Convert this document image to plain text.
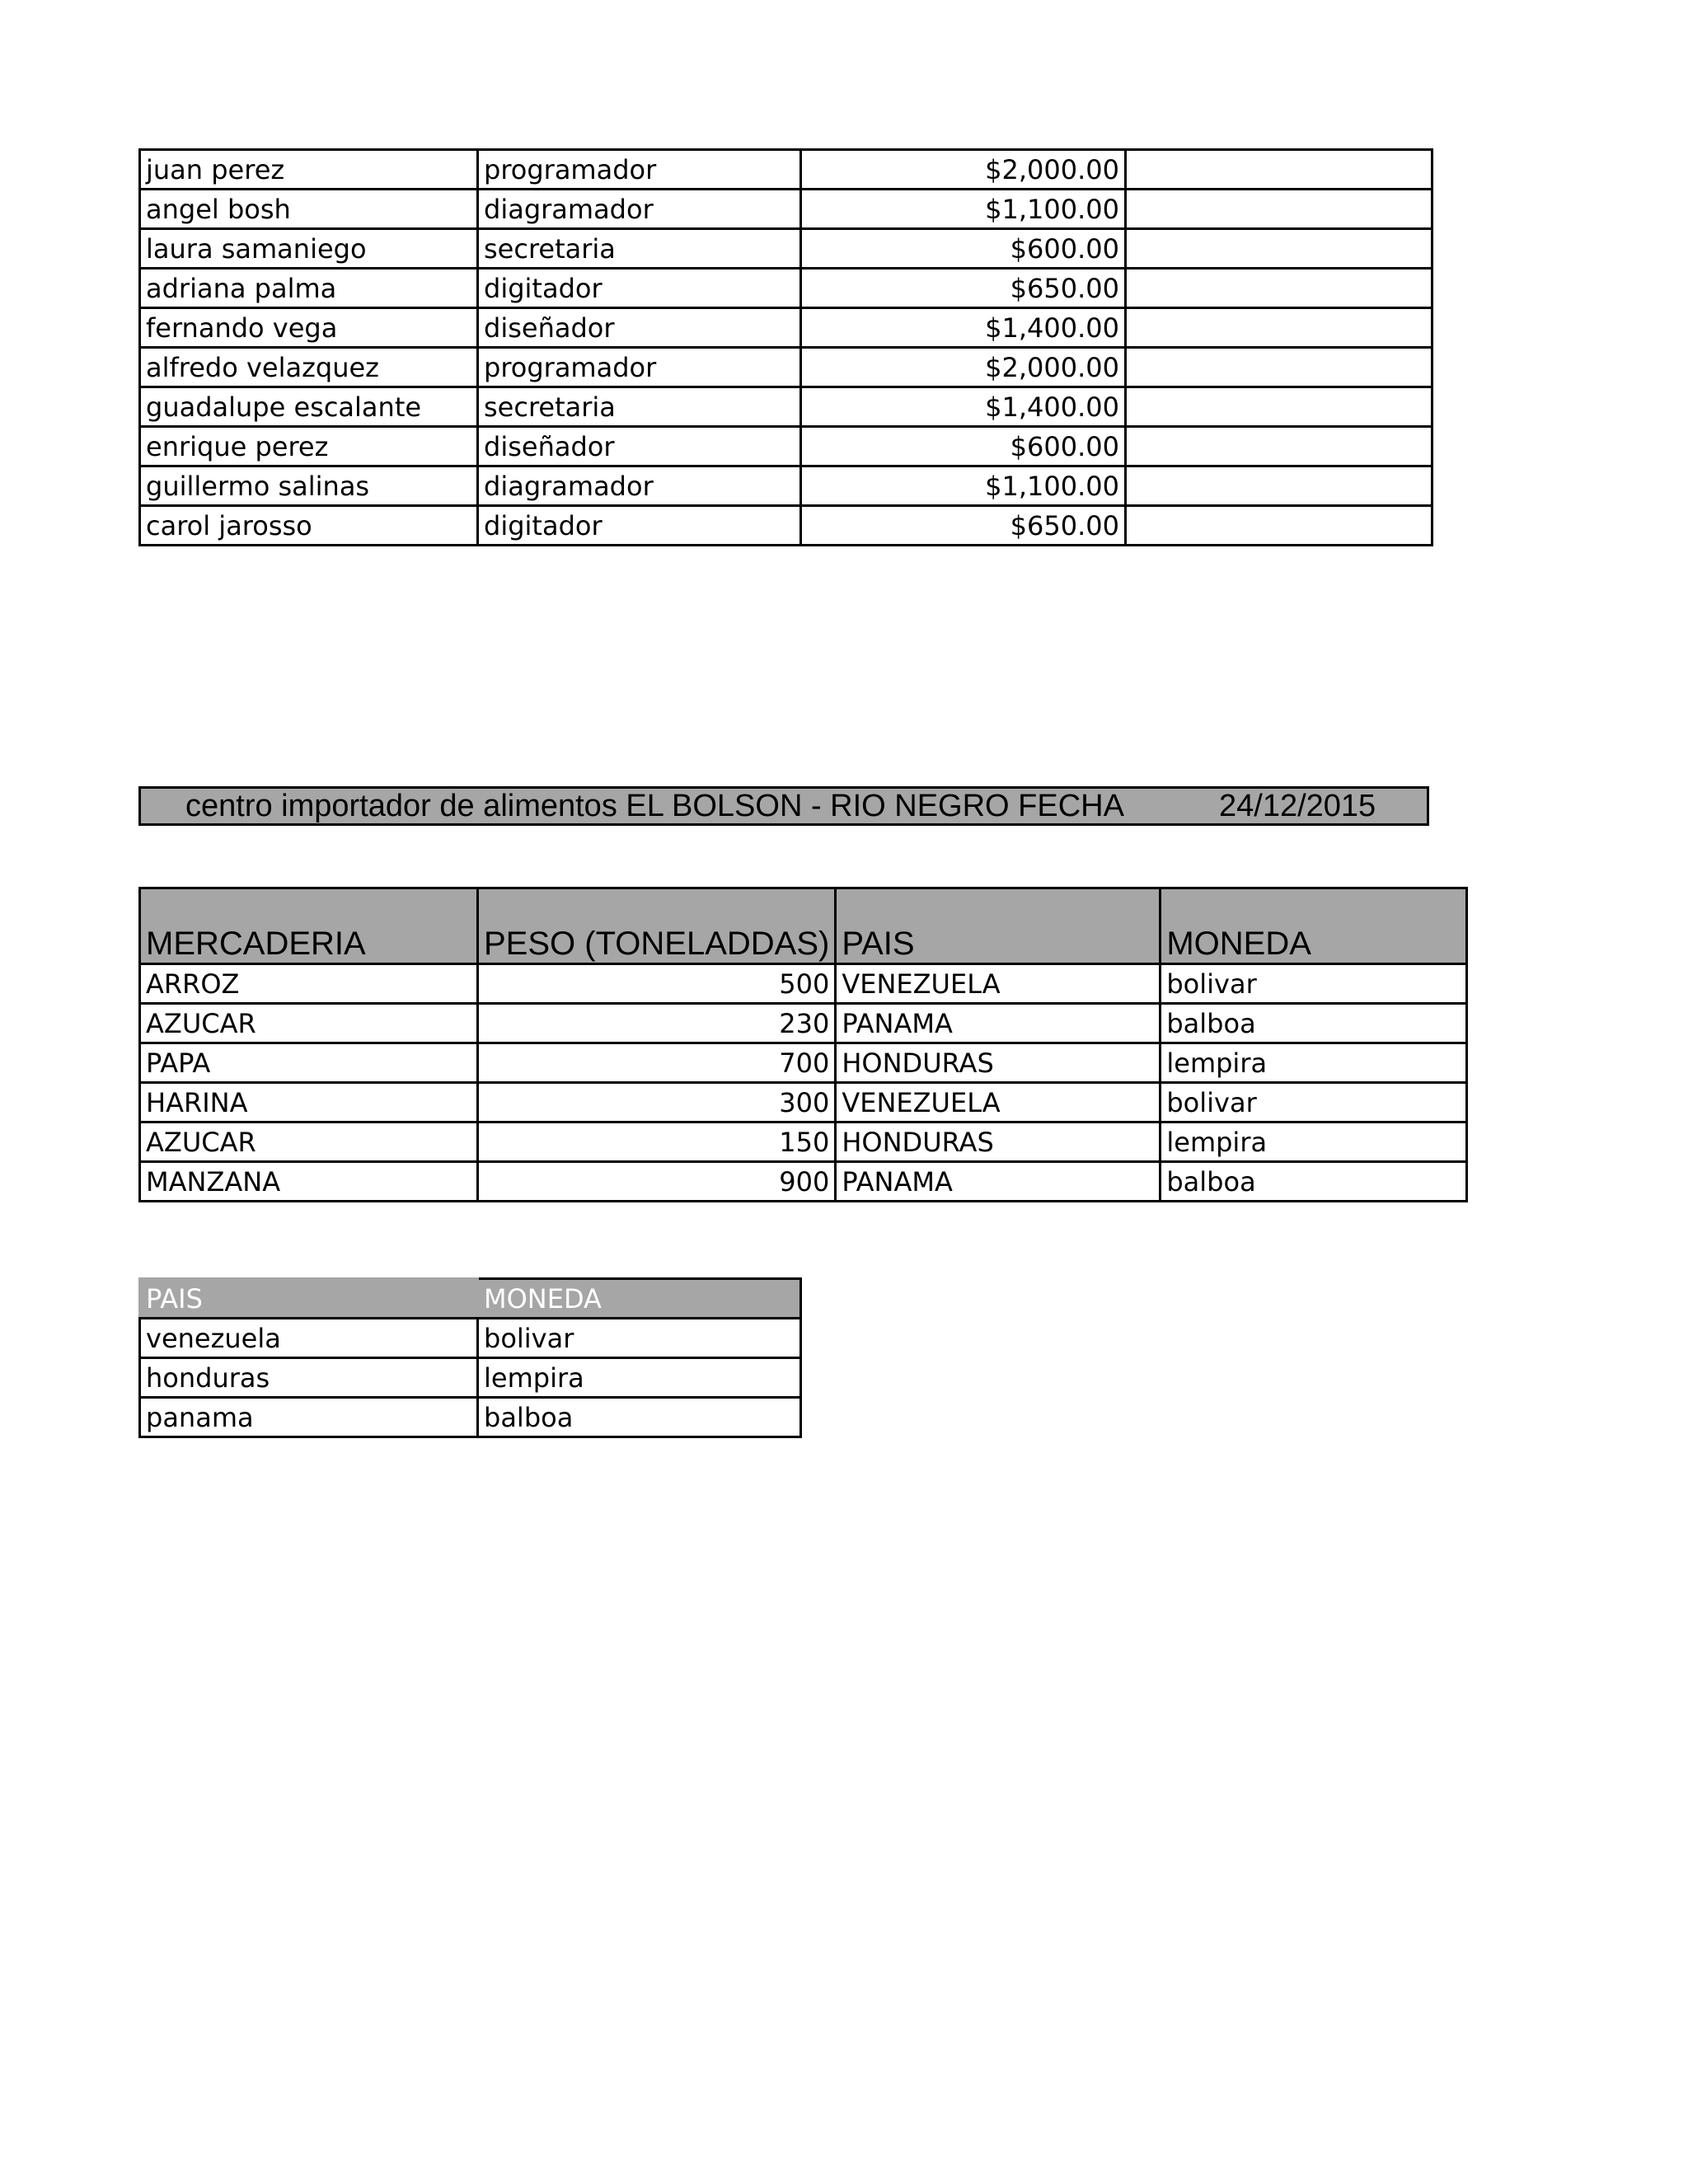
juan perez	programador	$2,000.00	
angel bosh	diagramador	$1,100.00	
laura samaniego	secretaria	$600.00	
adriana palma	digitador	$650.00	
fernando vega	diseñador	$1,400.00	
alfredo velazquez	programador	$2,000.00	
guadalupe escalante	secretaria	$1,400.00	
enrique perez	diseñador	$600.00	
guillermo salinas	diagramador	$1,100.00	
carol jarosso	digitador	$650.00	
centro importador de alimentos EL BOLSON - RIO NEGRO FECHA	24/12/2015
MERCADERIA	PESO (TONELADDAS)	PAIS	MONEDA
ARROZ	500	VENEZUELA	bolivar
AZUCAR	230	PANAMA	balboa
PAPA	700	HONDURAS	lempira
HARINA	300	VENEZUELA	bolivar
AZUCAR	150	HONDURAS	lempira
MANZANA	900	PANAMA	balboa
PAIS	MONEDA
venezuela	bolivar
honduras	lempira
panama	balboa
